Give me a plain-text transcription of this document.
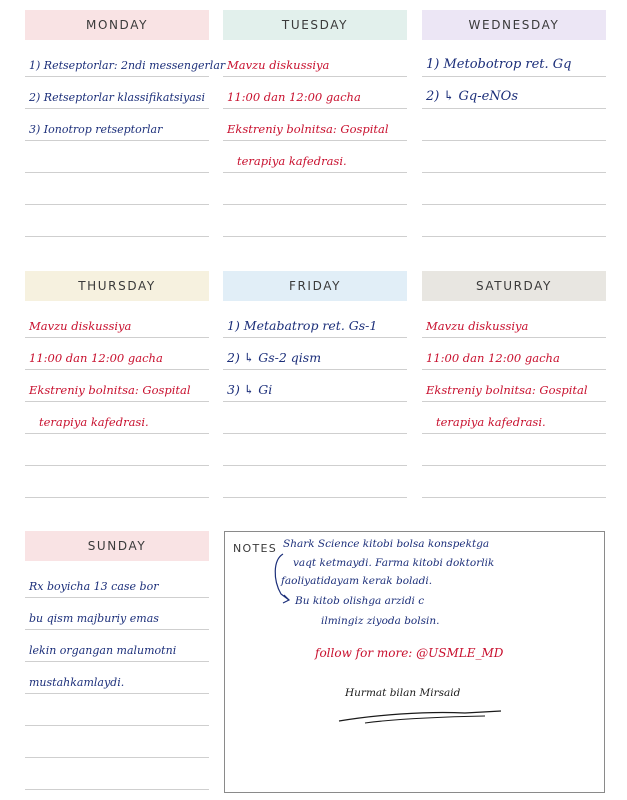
MONDAY
1) Retseptorlar: 2ndi messengerlar
2) Retseptorlar klassifikatsiyasi
3) Ionotrop retseptorlar
TUESDAY
Mavzu diskussiya
11:00 dan 12:00 gacha
Ekstreniy bolnitsa: Gospital
terapiya kafedrasi.
WEDNESDAY
1) Metobotrop ret. Gq
2) ↳ Gq-eNOs
THURSDAY
Mavzu diskussiya
11:00 dan 12:00 gacha
Ekstreniy bolnitsa: Gospital
terapiya kafedrasi.
FRIDAY
1) Metabatrop ret. Gs-1
2) ↳ Gs-2 qism
3) ↳ Gi
SATURDAY
Mavzu diskussiya
11:00 dan 12:00 gacha
Ekstreniy bolnitsa: Gospital
terapiya kafedrasi.
SUNDAY
Rx boyicha 13 case bor
bu qism majburiy emas
lekin organgan malumotni
mustahkamlaydi.
NOTES Shark Science kitobi bolsa konspektga
vaqt ketmaydi. Farma kitobi doktorlik
faoliyatidayam kerak boladi.
Bu kitob olishga arzidi c
ilmingiz ziyoda bolsin.
follow for more: @USMLE_MD
Hurmat bilan Mirsaid
